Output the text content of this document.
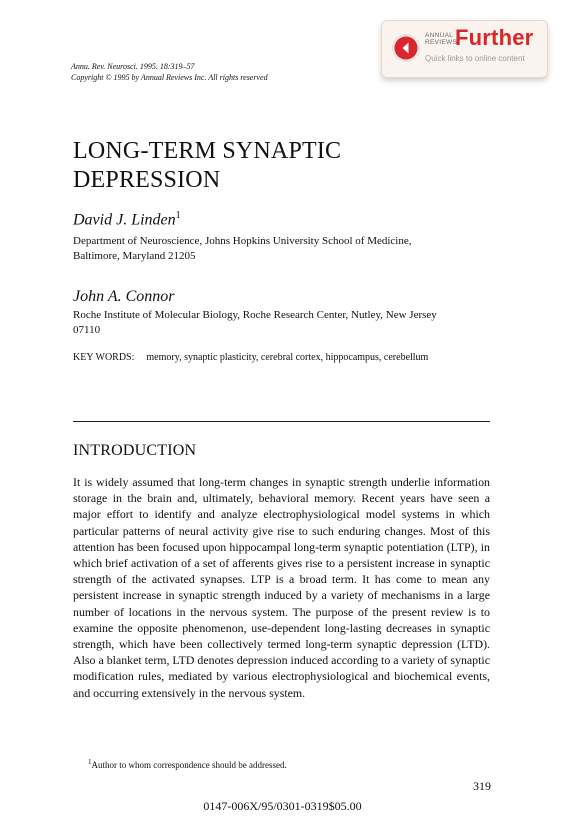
ANNUAL
REVIEWS
Further
Quick links to online content
Annu. Rev. Neurosci. 1995. 18:319–57
Copyright © 1995 by Annual Reviews Inc. All rights reserved
LONG-TERM SYNAPTIC
DEPRESSION
David J. Linden$^1$
Department of Neuroscience, Johns Hopkins University School of Medicine,
Baltimore, Maryland 21205
John A. Connor
Roche Institute of Molecular Biology, Roche Research Center, Nutley, New Jersey
07110
KEY WORDS: memory, synaptic plasticity, cerebral cortex, hippocampus, cerebellum
INTRODUCTION

It is widely assumed that long-term changes in synaptic strength underlie information storage in the brain and, ultimately, behavioral memory. Recent years have seen a major effort to identify and analyze electrophysiological model systems in which particular patterns of neural activity give rise to such enduring changes. Most of this attention has been focused upon hippocampal long-term synaptic potentiation (LTP), in which brief activation of a set of afferents gives rise to a persistent increase in synaptic strength of the activated synapses. LTP is a broad term. It has come to mean any persistent increase in synaptic strength induced by a variety of mechanisms in a large number of locations in the nervous system. The purpose of the present review is to examine the opposite phenomenon, use-dependent long-lasting decreases in synaptic strength, which have been collectively termed long-term synaptic depression (LTD). Also a blanket term, LTD denotes depression induced according to a variety of synaptic modification rules, mediated by various electrophysiological and biochemical events, and occurring extensively in the nervous system.

$^1$Author to whom correspondence should be addressed.
319
0147-006X/95/0301-0319$05.00
